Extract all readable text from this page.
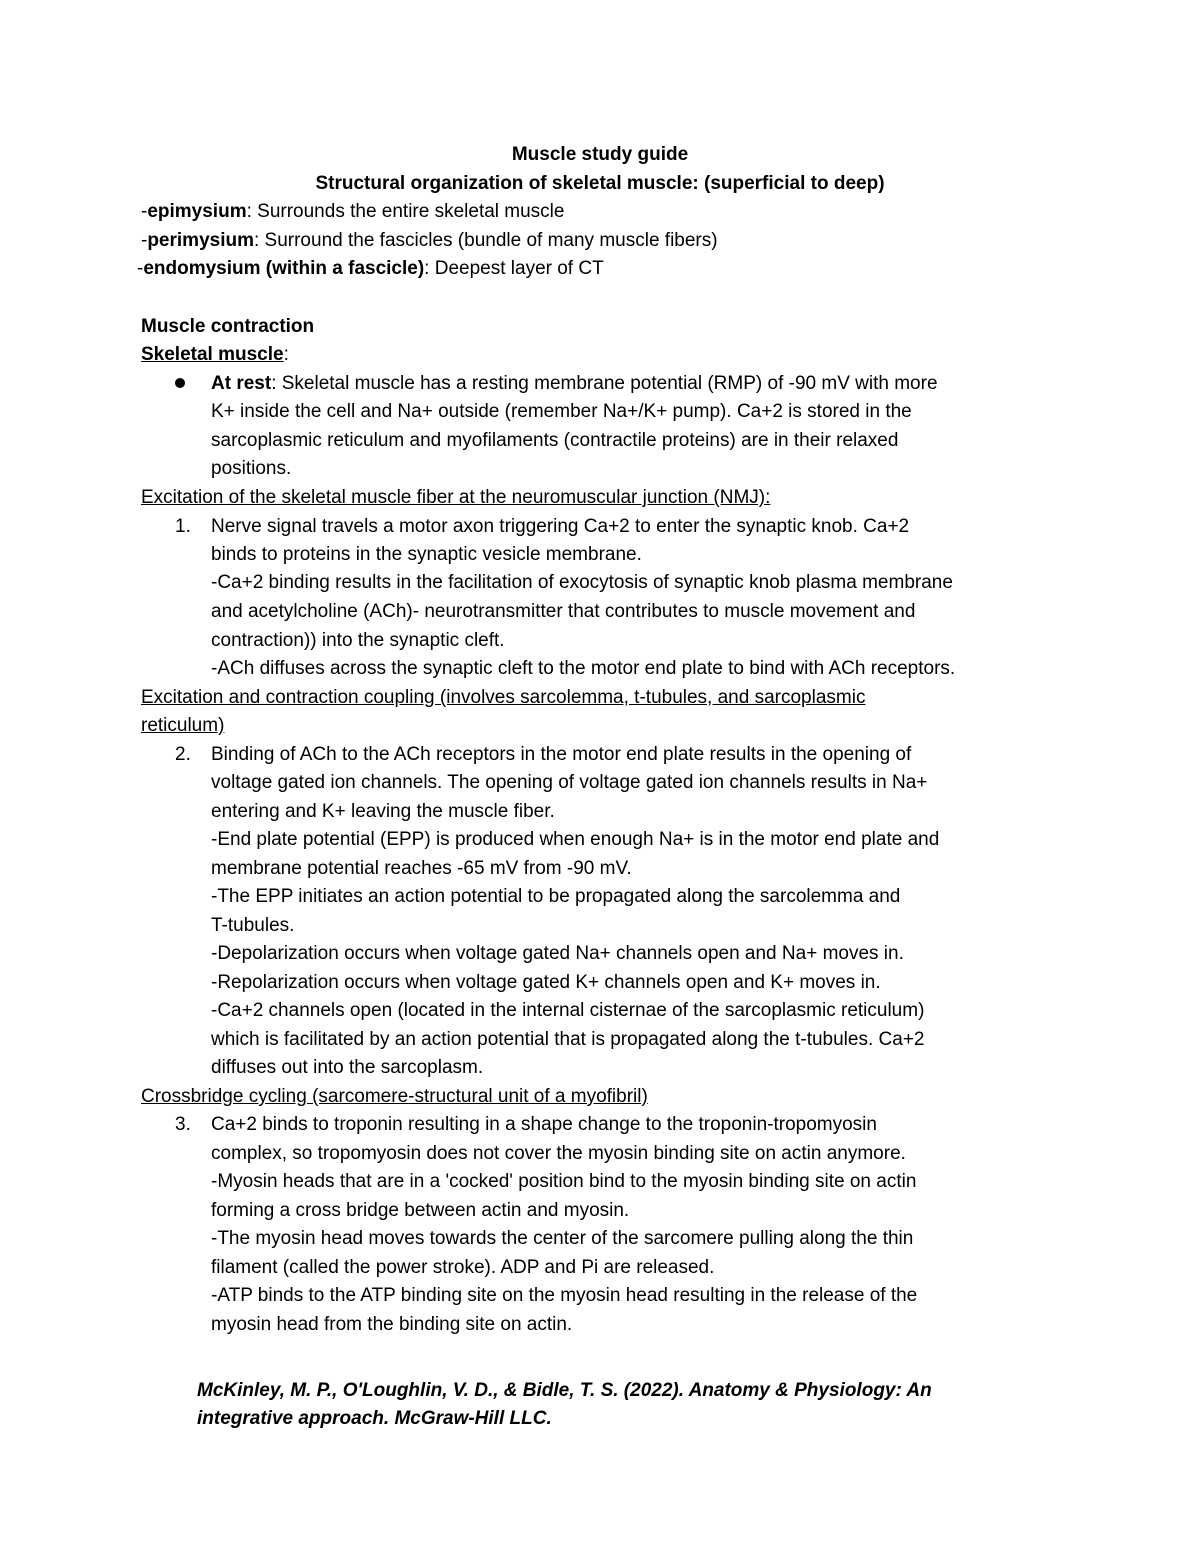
Muscle study guide
Structural organization of skeletal muscle: (superficial to deep)
-epimysium: Surrounds the entire skeletal muscle
-perimysium: Surround the fascicles (bundle of many muscle fibers)
-endomysium (within a fascicle): Deepest layer of CT
Muscle contraction
Skeletal muscle:
At rest: Skeletal muscle has a resting membrane potential (RMP) of -90 mV with more
K+ inside the cell and Na+ outside (remember Na+/K+ pump). Ca+2 is stored in the
sarcoplasmic reticulum and myofilaments (contractile proteins) are in their relaxed
positions.
Excitation of the skeletal muscle fiber at the neuromuscular junction (NMJ):
1. Nerve signal travels a motor axon triggering Ca+2 to enter the synaptic knob. Ca+2
binds to proteins in the synaptic vesicle membrane.
-Ca+2 binding results in the facilitation of exocytosis of synaptic knob plasma membrane
and acetylcholine (ACh)- neurotransmitter that contributes to muscle movement and
contraction)) into the synaptic cleft.
-ACh diffuses across the synaptic cleft to the motor end plate to bind with ACh receptors.
Excitation and contraction coupling (involves sarcolemma, t-tubules, and sarcoplasmic
reticulum)
2. Binding of ACh to the ACh receptors in the motor end plate results in the opening of
voltage gated ion channels. The opening of voltage gated ion channels results in Na+
entering and K+ leaving the muscle fiber.
-End plate potential (EPP) is produced when enough Na+ is in the motor end plate and
membrane potential reaches -65 mV from -90 mV.
-The EPP initiates an action potential to be propagated along the sarcolemma and
T-tubules.
-Depolarization occurs when voltage gated Na+ channels open and Na+ moves in.
-Repolarization occurs when voltage gated K+ channels open and K+ moves in.
-Ca+2 channels open (located in the internal cisternae of the sarcoplasmic reticulum)
which is facilitated by an action potential that is propagated along the t-tubules. Ca+2
diffuses out into the sarcoplasm.
Crossbridge cycling (sarcomere-structural unit of a myofibril)
3. Ca+2 binds to troponin resulting in a shape change to the troponin-tropomyosin
complex, so tropomyosin does not cover the myosin binding site on actin anymore.
-Myosin heads that are in a 'cocked' position bind to the myosin binding site on actin
forming a cross bridge between actin and myosin.
-The myosin head moves towards the center of the sarcomere pulling along the thin
filament (called the power stroke). ADP and Pi are released.
-ATP binds to the ATP binding site on the myosin head resulting in the release of the
myosin head from the binding site on actin.
McKinley, M. P., O'Loughlin, V. D., & Bidle, T. S. (2022). Anatomy & Physiology: An
integrative approach. McGraw-Hill LLC.
